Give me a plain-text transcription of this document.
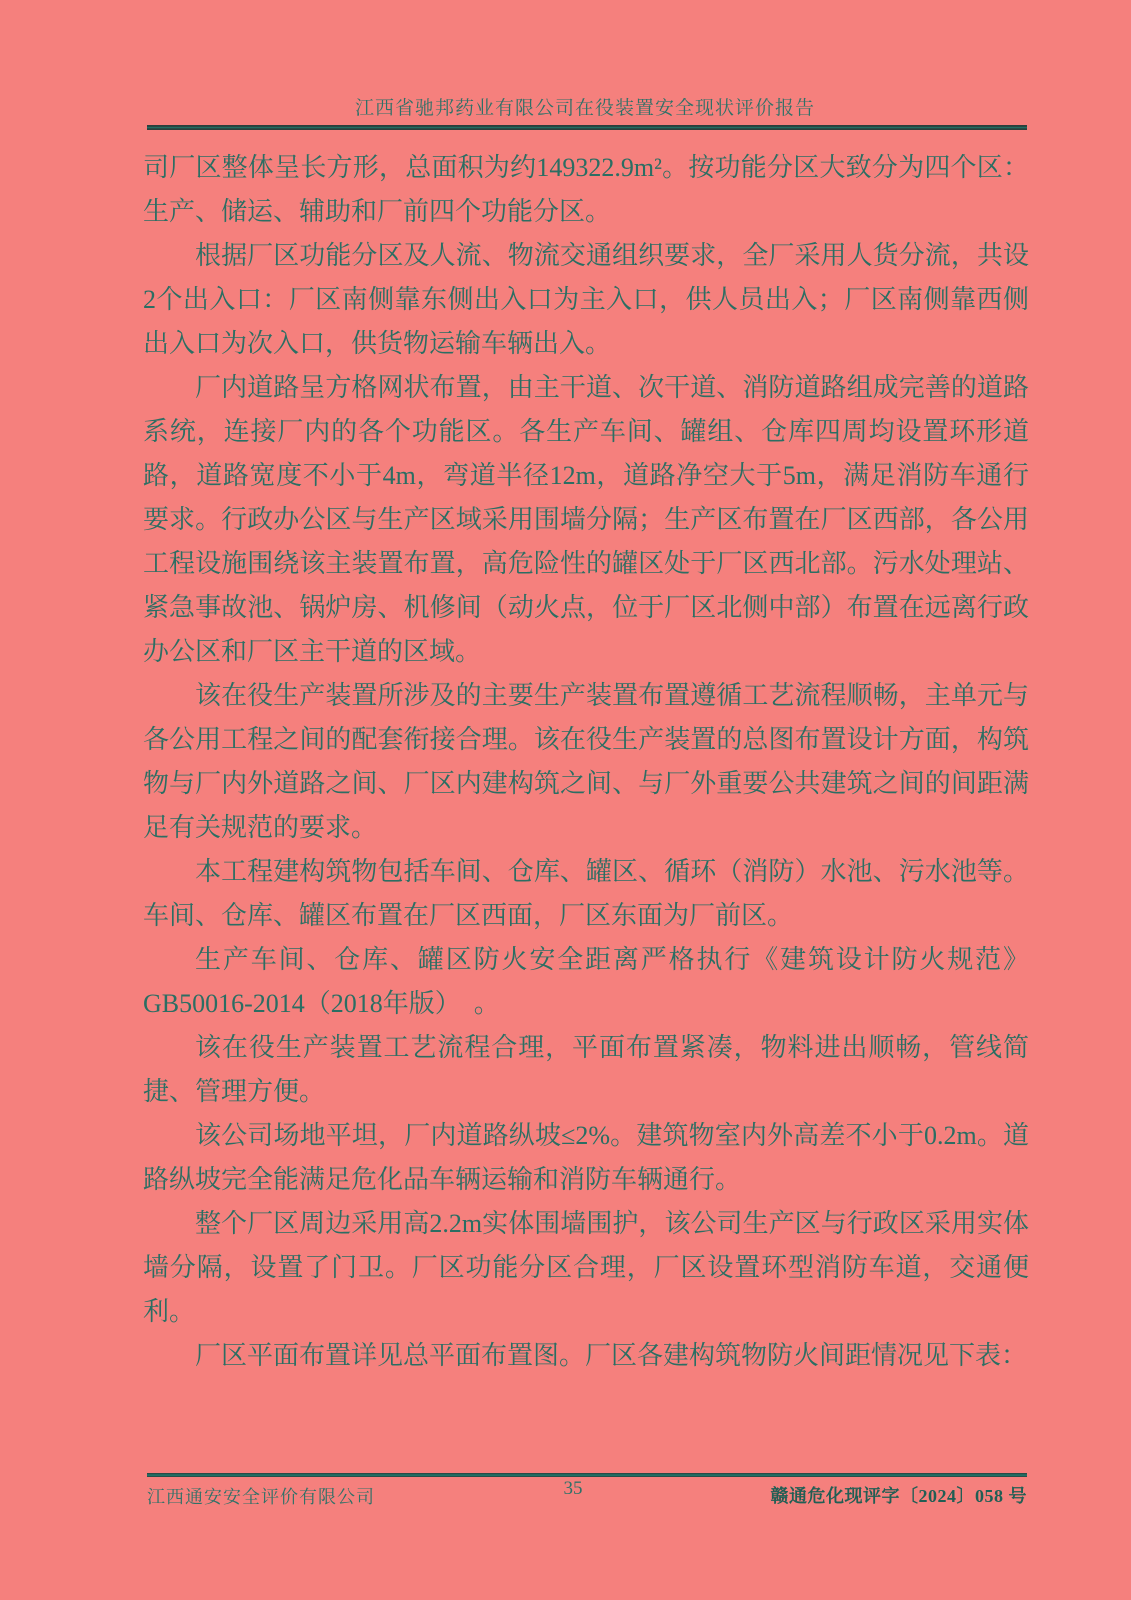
江西省驰邦药业有限公司在役装置安全现状评价报告

司厂区整体呈长方形，总面积为约149322.9m²。按功能分区大致分为四个区：生产、储运、辅助和厂前四个功能分区。

根据厂区功能分区及人流、物流交通组织要求，全厂采用人货分流，共设2个出入口：厂区南侧靠东侧出入口为主入口，供人员出入；厂区南侧靠西侧出入口为次入口，供货物运输车辆出入。

厂内道路呈方格网状布置，由主干道、次干道、消防道路组成完善的道路系统，连接厂内的各个功能区。各生产车间、罐组、仓库四周均设置环形道路，道路宽度不小于4m，弯道半径12m，道路净空大于5m，满足消防车通行要求。行政办公区与生产区域采用围墙分隔；生产区布置在厂区西部，各公用工程设施围绕该主装置布置，高危险性的罐区处于厂区西北部。污水处理站、紧急事故池、锅炉房、机修间（动火点，位于厂区北侧中部）布置在远离行政办公区和厂区主干道的区域。

该在役生产装置所涉及的主要生产装置布置遵循工艺流程顺畅，主单元与各公用工程之间的配套衔接合理。该在役生产装置的总图布置设计方面，构筑物与厂内外道路之间、厂区内建构筑之间、与厂外重要公共建筑之间的间距满足有关规范的要求。

本工程建构筑物包括车间、仓库、罐区、循环（消防）水池、污水池等。车间、仓库、罐区布置在厂区西面，厂区东面为厂前区。

生产车间、仓库、罐区防火安全距离严格执行《建筑设计防火规范》GB50016-2014（2018年版）　。

该在役生产装置工艺流程合理，平面布置紧凑，物料进出顺畅，管线简捷、管理方便。

该公司场地平坦，厂内道路纵坡≤2%。建筑物室内外高差不小于0.2m。道路纵坡完全能满足危化品车辆运输和消防车辆通行。

整个厂区周边采用高2.2m实体围墙围护，该公司生产区与行政区采用实体墙分隔，设置了门卫。厂区功能分区合理，厂区设置环型消防车道，交通便利。

厂区平面布置详见总平面布置图。厂区各建构筑物防火间距情况见下表：

35
江西通安安全评价有限公司	赣通危化现评字〔2024〕058 号
